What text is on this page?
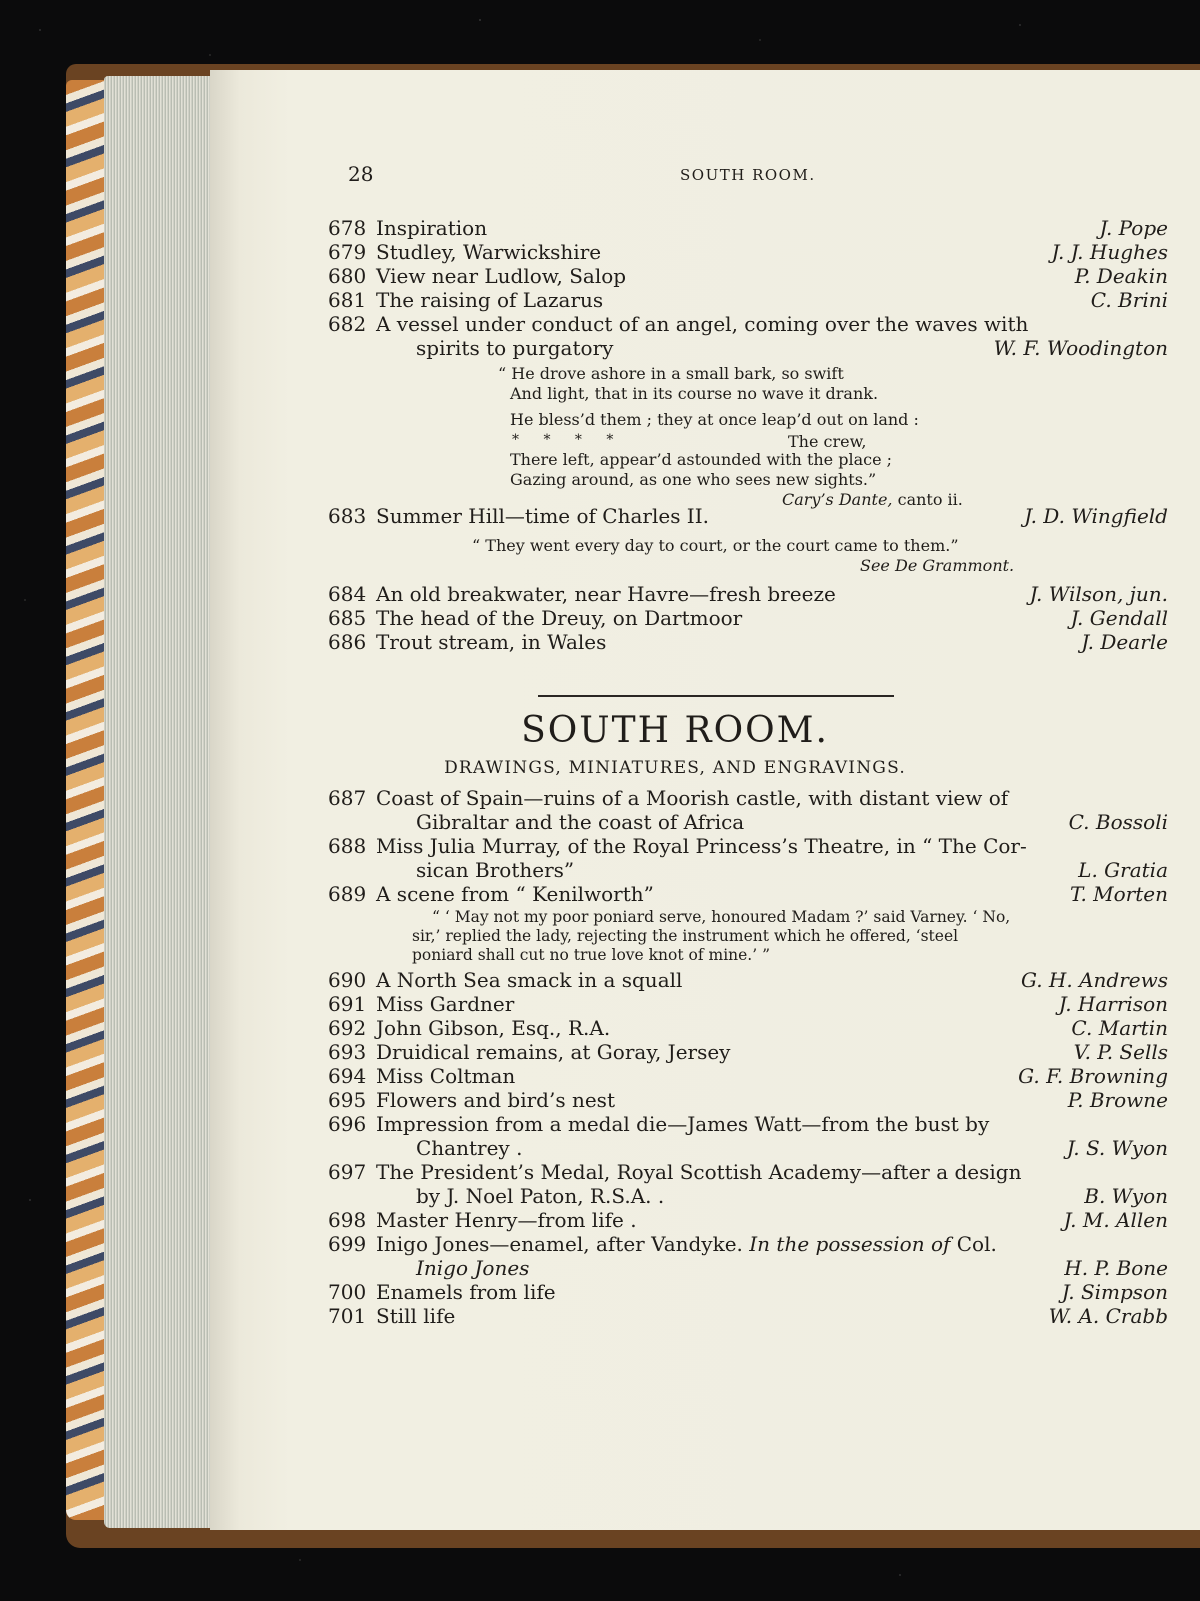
28	SOUTH ROOM.
678 Inspiration	J. Pope
679 Studley, Warwickshire	J. J. Hughes
680 View near Ludlow, Salop	P. Deakin
681 The raising of Lazarus	C. Brini
682 A vessel under conduct of an angel, coming over the waves with
spirits to purgatory	W. F. Woodington
“ He drove ashore in a small bark, so swift
And light, that in its course no wave it drank.
He bless’d them ; they at once leap’d out on land :
* * * *	The crew,
There left, appear’d astounded with the place ;
Gazing around, as one who sees new sights.”
Cary’s Dante, canto ii.
683 Summer Hill—time of Charles II.	J. D. Wingfield
“ They went every day to court, or the court came to them.”
See De Grammont.
684 An old breakwater, near Havre—fresh breeze	J. Wilson, jun.
685 The head of the Dreuy, on Dartmoor	J. Gendall
686 Trout stream, in Wales	J. Dearle
SOUTH ROOM.
DRAWINGS, MINIATURES, AND ENGRAVINGS.
687 Coast of Spain—ruins of a Moorish castle, with distant view of
Gibraltar and the coast of Africa	C. Bossoli
688 Miss Julia Murray, of the Royal Princess’s Theatre, in “ The Cor-
sican Brothers”	L. Gratia
689 A scene from “ Kenilworth”	T. Morten
“ ‘ May not my poor poniard serve, honoured Madam ?’ said Varney. ‘ No,
sir,’ replied the lady, rejecting the instrument which he offered, ‘steel
poniard shall cut no true love knot of mine.’ ”
690 A North Sea smack in a squall	G. H. Andrews
691 Miss Gardner	J. Harrison
692 John Gibson, Esq., R.A.	C. Martin
693 Druidical remains, at Goray, Jersey	V. P. Sells
694 Miss Coltman	G. F. Browning
695 Flowers and bird’s nest	P. Browne
696 Impression from a medal die—James Watt—from the bust by
Chantrey .	J. S. Wyon
697 The President’s Medal, Royal Scottish Academy—after a design
by J. Noel Paton, R.S.A. .	B. Wyon
698 Master Henry—from life .	J. M. Allen
699 Inigo Jones—enamel, after Vandyke. In the possession of Col.
Inigo Jones	H. P. Bone
700 Enamels from life	J. Simpson
701 Still life	W. A. Crabb
